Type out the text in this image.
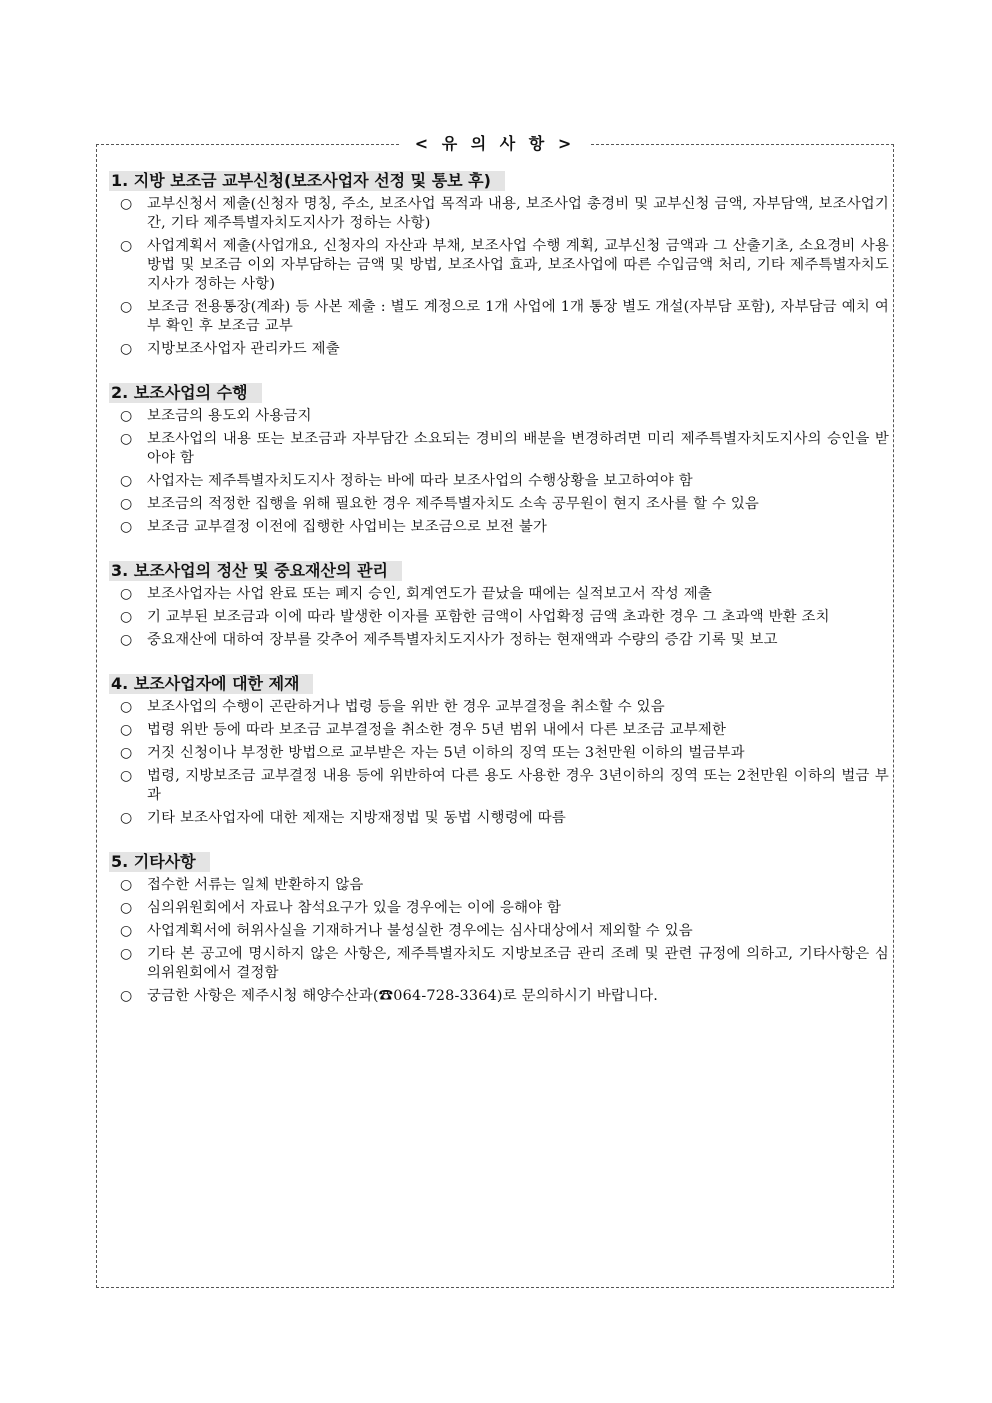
< 유 의 사 항 >
1. 지방 보조금 교부신청(보조사업자 선정 및 통보 후)
○ 교부신청서 제출(신청자 명칭, 주소, 보조사업 목적과 내용, 보조사업 총경비 및 교부신청 금액, 자부담액, 보조사업기간, 기타 제주특별자치도지사가 정하는 사항)
○ 사업계획서 제출(사업개요, 신청자의 자산과 부채, 보조사업 수행 계획, 교부신청 금액과 그 산출기초, 소요경비 사용방법 및 보조금 이외 자부담하는 금액 및 방법, 보조사업 효과, 보조사업에 따른 수입금액 처리, 기타 제주특별자치도지사가 정하는 사항)
○ 보조금 전용통장(계좌) 등 사본 제출 : 별도 계정으로 1개 사업에 1개 통장 별도 개설(자부담 포함), 자부담금 예치 여부 확인 후 보조금 교부
○ 지방보조사업자 관리카드 제출
2. 보조사업의 수행
○ 보조금의 용도외 사용금지
○ 보조사업의 내용 또는 보조금과 자부담간 소요되는 경비의 배분을 변경하려면 미리 제주특별자치도지사의 승인을 받아야 함
○ 사업자는 제주특별자치도지사 정하는 바에 따라 보조사업의 수행상황을 보고하여야 함
○ 보조금의 적정한 집행을 위해 필요한 경우 제주특별자치도 소속 공무원이 현지 조사를 할 수 있음
○ 보조금 교부결정 이전에 집행한 사업비는 보조금으로 보전 불가
3. 보조사업의 정산 및 중요재산의 관리
○ 보조사업자는 사업 완료 또는 폐지 승인, 회계연도가 끝났을 때에는 실적보고서 작성 제출
○ 기 교부된 보조금과 이에 따라 발생한 이자를 포함한 금액이 사업확정 금액 초과한 경우 그 초과액 반환 조치
○ 중요재산에 대하여 장부를 갖추어 제주특별자치도지사가 정하는 현재액과 수량의 증감 기록 및 보고
4. 보조사업자에 대한 제재
○ 보조사업의 수행이 곤란하거나 법령 등을 위반 한 경우 교부결정을 취소할 수 있음
○ 법령 위반 등에 따라 보조금 교부결정을 취소한 경우 5년 범위 내에서 다른 보조금 교부제한
○ 거짓 신청이나 부정한 방법으로 교부받은 자는 5년 이하의 징역 또는 3천만원 이하의 벌금부과
○ 법령, 지방보조금 교부결정 내용 등에 위반하여 다른 용도 사용한 경우 3년이하의 징역 또는 2천만원 이하의 벌금 부과
○ 기타 보조사업자에 대한 제재는 지방재정법 및 동법 시행령에 따름
5. 기타사항
○ 접수한 서류는 일체 반환하지 않음
○ 심의위원회에서 자료나 참석요구가 있을 경우에는 이에 응해야 함
○ 사업계획서에 허위사실을 기재하거나 불성실한 경우에는 심사대상에서 제외할 수 있음
○ 기타 본 공고에 명시하지 않은 사항은, 제주특별자치도 지방보조금 관리 조례 및 관련 규정에 의하고, 기타사항은 심의위원회에서 결정함
○ 궁금한 사항은 제주시청 해양수산과(☎064-728-3364)로 문의하시기 바랍니다.
